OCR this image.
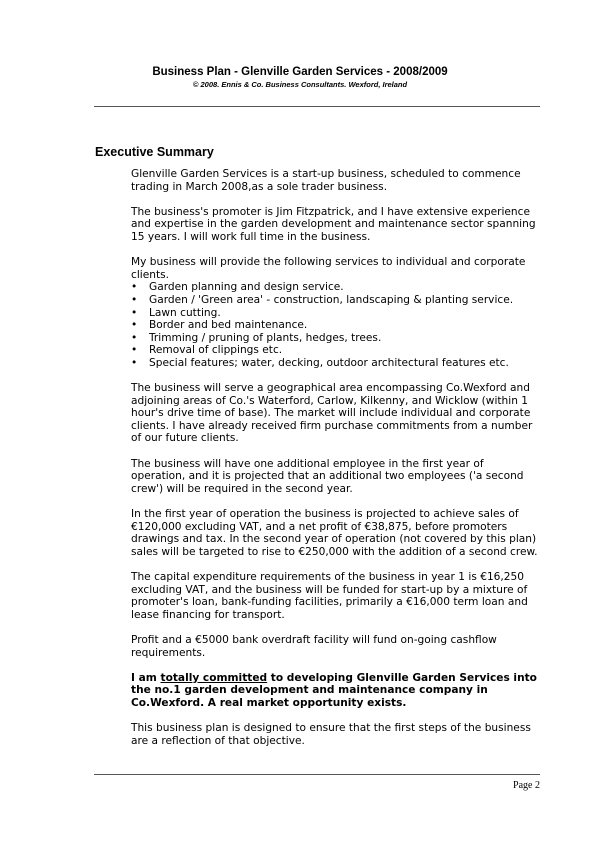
Business Plan - Glenville Garden Services - 2008/2009
© 2008. Ennis & Co. Business Consultants. Wexford, Ireland
Executive Summary

Glenville Garden Services is a start-up business, scheduled to commence trading in March 2008,as a sole trader business.

The business's promoter is Jim Fitzpatrick, and I have extensive experience and expertise in the garden development and maintenance sector spanning 15 years. I will work full time in the business.

My business will provide the following services to individual and corporate clients.

• Garden planning and design service.
• Garden / 'Green area' - construction, landscaping & planting service.
• Lawn cutting.
• Border and bed maintenance.
• Trimming / pruning of plants, hedges, trees.
• Removal of clippings etc.
• Special features; water, decking, outdoor architectural features etc.

The business will serve a geographical area encompassing Co.Wexford and adjoining areas of Co.'s Waterford, Carlow, Kilkenny, and Wicklow (within 1 hour's drive time of base). The market will include individual and corporate clients. I have already received firm purchase commitments from a number of our future clients.

The business will have one additional employee in the first year of operation, and it is projected that an additional two employees ('a second crew') will be required in the second year.

In the first year of operation the business is projected to achieve sales of €120,000 excluding VAT, and a net profit of €38,875, before promoters drawings and tax. In the second year of operation (not covered by this plan) sales will be targeted to rise to €250,000 with the addition of a second crew.

The capital expenditure requirements of the business in year 1 is €16,250 excluding VAT, and the business will be funded for start-up by a mixture of promoter's loan, bank-funding facilities, primarily a €16,000 term loan and lease financing for transport.

Profit and a €5000 bank overdraft facility will fund on-going cashflow requirements.

I am totally committed to developing Glenville Garden Services into the no.1 garden development and maintenance company in Co.Wexford. A real market opportunity exists.

This business plan is designed to ensure that the first steps of the business are a reflection of that objective.

Page 2
